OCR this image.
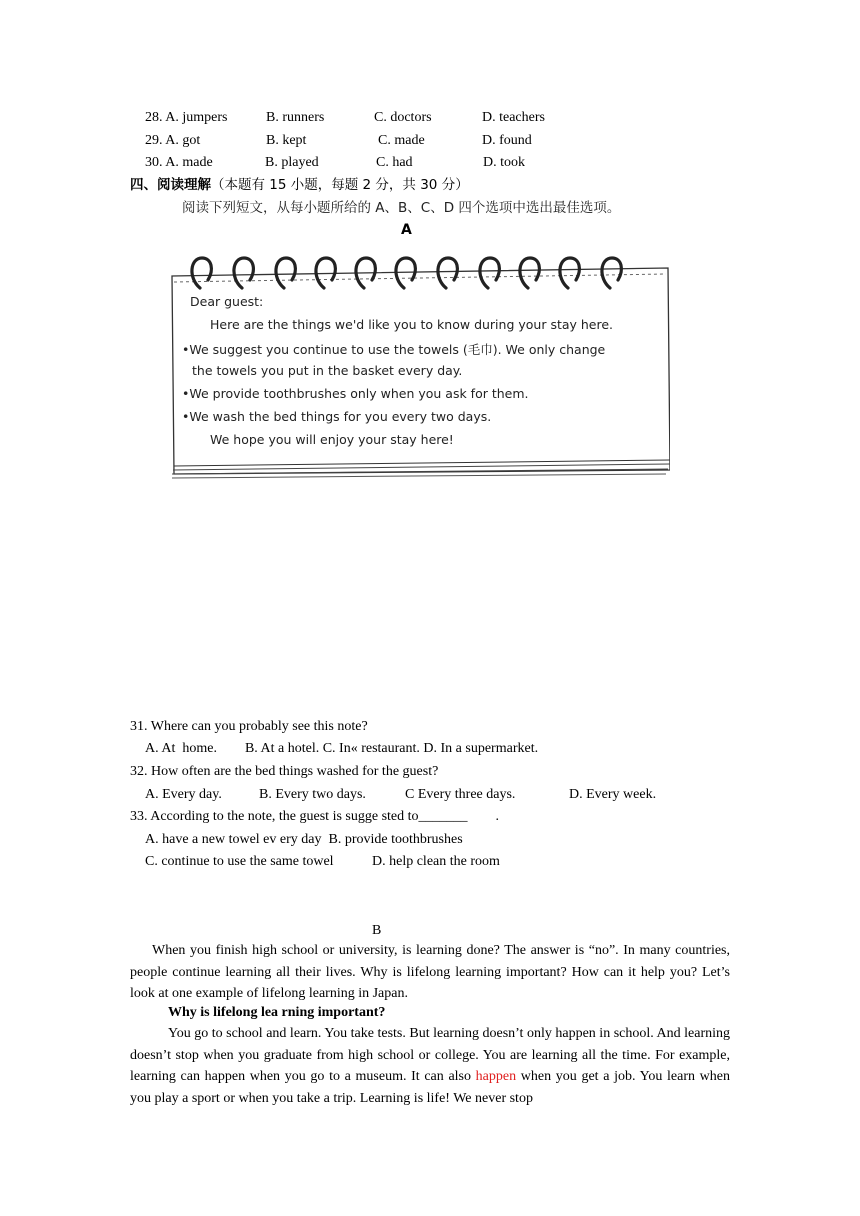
28. A. jumpers	B. runners	C. doctors	D. teachers
29. A. got	B. kept	C. made	D. found
30. A. made	B. played	C. had	D. took
四、阅读理解（本题有 15 小题，每题 2 分，共 30 分）
阅读下列短文，从每小题所给的 A、B、C、D 四个选项中选出最佳选项。
A
Dear guest:
Here are the things we'd like you to know during your stay here.
•We suggest you continue to use the towels (毛巾). We only change
the towels you put in the basket every day.
•We provide toothbrushes only when you ask for them.
•We wash the bed things for you every two days.
We hope you will enjoy your stay here!
31. Where can you probably see this note?
A. At  home.        B. At a hotel. C. In« restaurant. D. In a supermarket.
32. How often are the bed things washed for the guest?
A. Every day.	B. Every two days.	C Every three days.	D. Every week.
33. According to the note, the guest is sugge sted to_______        .
A. have a new towel ev ery day  B. provide toothbrushes
C. continue to use the same towel	D. help clean the room
B
When you finish high school or university, is learning done? The answer is “no”. In many countries, people continue learning all their lives. Why is lifelong learning important? How can it help you? Let’s look at one example of lifelong learning in Japan.
Why is lifelong lea rning important?
You go to school and learn. You take tests. But learning doesn’t only happen in school. And learning doesn’t stop when you graduate from high school or college. You are learning all the time. For example, learning can happen when you go to a museum. It can also happen when you get a job. You learn when you play a sport or when you take a trip. Learning is life! We never stop
